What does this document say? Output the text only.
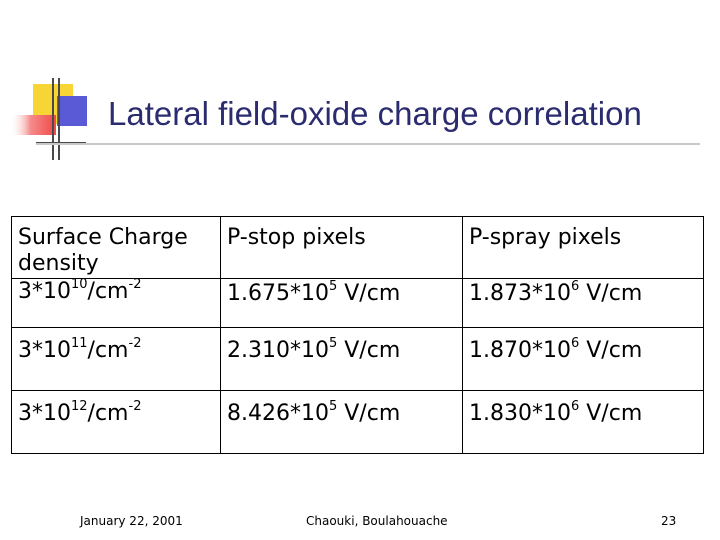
Lateral field-oxide charge correlation
Surface Charge density	P-stop pixels	P-spray pixels
$3*10^{10}/cm^{-2}$	$1.675*10^5$ V/cm	$1.873*10^6$ V/cm
$3*10^{11}/cm^{-2}$	$2.310*10^5$ V/cm	$1.870*10^6$ V/cm
$3*10^{12}/cm^{-2}$	$8.426*10^5$ V/cm	$1.830*10^6$ V/cm
January 22, 2001	Chaouki, Boulahouache	23
